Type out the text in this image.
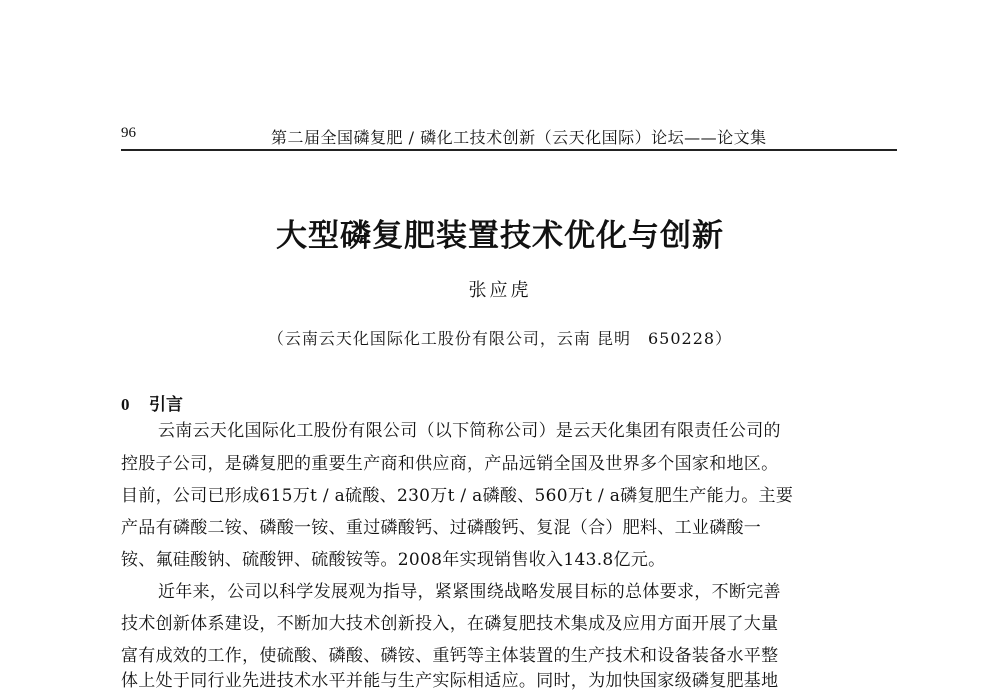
96	第二届全国磷复肥 / 磷化工技术创新（云天化国际）论坛——论文集
大型磷复肥装置技术优化与创新
张应虎
（云南云天化国际化工股份有限公司，云南 昆明　650228）
0 引言
云南云天化国际化工股份有限公司（以下简称公司）是云天化集团有限责任公司的
控股子公司，是磷复肥的重要生产商和供应商，产品远销全国及世界多个国家和地区。
目前，公司已形成615万t / a硫酸、230万t / a磷酸、560万t / a磷复肥生产能力。主要
产品有磷酸二铵、磷酸一铵、重过磷酸钙、过磷酸钙、复混（合）肥料、工业磷酸一
铵、氟硅酸钠、硫酸钾、硫酸铵等。2008年实现销售收入143.8亿元。
近年来，公司以科学发展观为指导，紧紧围绕战略发展目标的总体要求，不断完善
技术创新体系建设，不断加大技术创新投入，在磷复肥技术集成及应用方面开展了大量
富有成效的工作，使硫酸、磷酸、磷铵、重钙等主体装置的生产技术和设备装备水平整
体上处于同行业先进技术水平并能与生产实际相适应。同时，为加快国家级磷复肥基地
